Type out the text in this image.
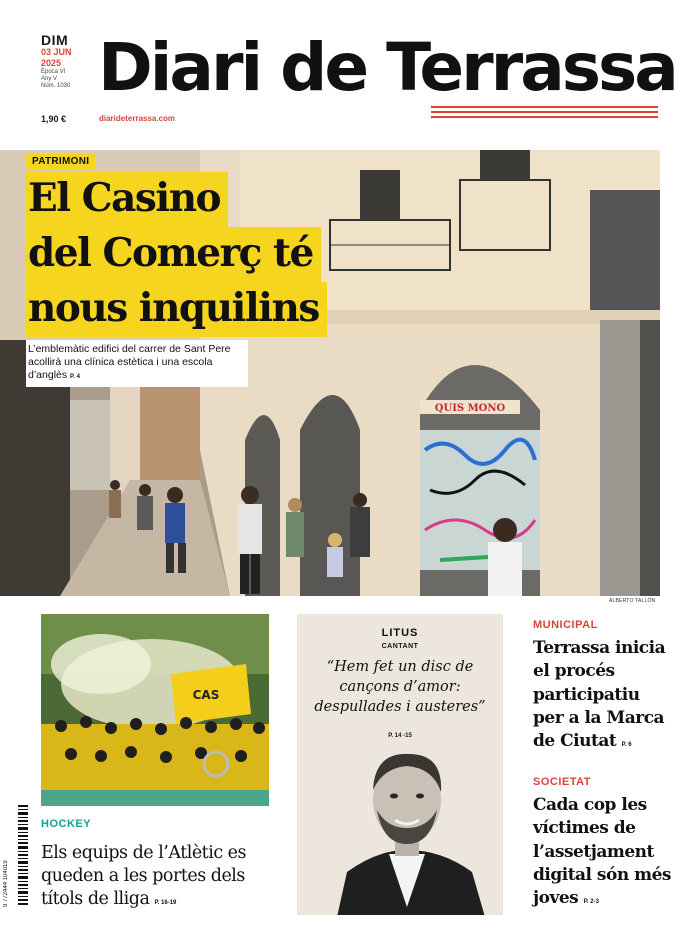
DIM
03 JUN
2025
Època VI
Any V
Núm. 1030
1,90 €
Diari de Terrassa
diarideterrassa.com
QUIS MONO
ALBERTO TALLÓN
PATRIMONI
El Casino
del Comerç té
nous inquilins
L’emblemàtic edifici del carrer de Sant Pere acollirà una clínica estètica i una escola d’anglès P. 4
CAS
HOCKEY
Els equips de l’Atlètic es queden a les portes dels títols de lliga P. 16-19
9 772444 104019
LITUS
CANTANT
“Hem fet un disc de cançons d’amor: despullades i austeres”
P. 14 -15
MUNICIPAL
Terrassa inicia el procés participatiu per a la Marca de Ciutat P. 6
SOCIETAT
Cada cop les víctimes de l’assetjament digital són més joves P. 2-3
